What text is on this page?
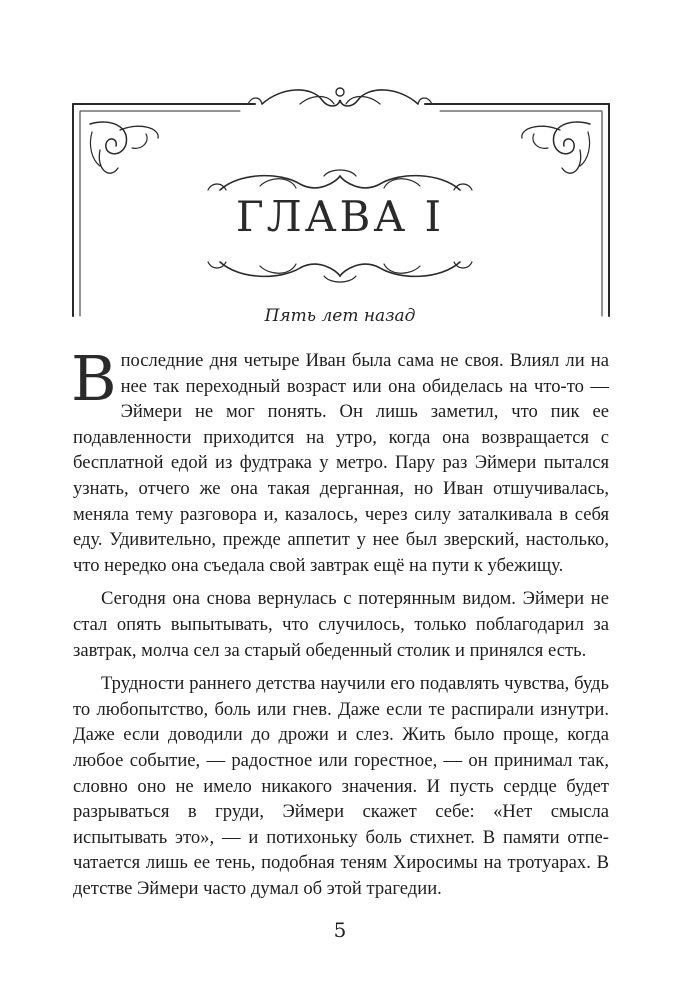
ГЛАВА I
Пять лет назад

Впоследние дня четыре Иван была сама не своя. Влиял ли на нее так переходный возраст или она обиделась на что-то — Эймери не мог понять. Он лишь заметил, что пик ее подавленности приходится на утро, когда она возвращается с бесплатной едой из фудтрака у метро. Пару раз Эймери пытался узнать, отчего же она такая дерганная, но Иван отшучивалась, меняла тему разговора и, казалось, через силу заталкивала в себя еду. Удивительно, прежде аппетит у нее был зверский, настолько, что нередко она съедала свой завтрак ещё на пути к убежищу.

Сегодня она снова вернулась с потерянным видом. Эймери не стал опять выпытывать, что случилось, только поблагодарил за завтрак, молча сел за старый обеденный столик и принялся есть.

Трудности раннего детства научили его подавлять чувства, будь то любопытство, боль или гнев. Даже если те распирали изнутри. Даже если доводили до дрожи и слез. Жить было проще, когда любое событие, — радостное или горестное, — он принимал так, словно оно не имело никакого значения. И пусть сердце будет разрываться в груди, Эймери скажет себе: «Нет смысла испытывать это», — и потихоньку боль стихнет. В памяти отпечатается лишь ее тень, подобная теням Хиросимы на тротуарах. В детстве Эймери часто думал об этой трагедии.

5
